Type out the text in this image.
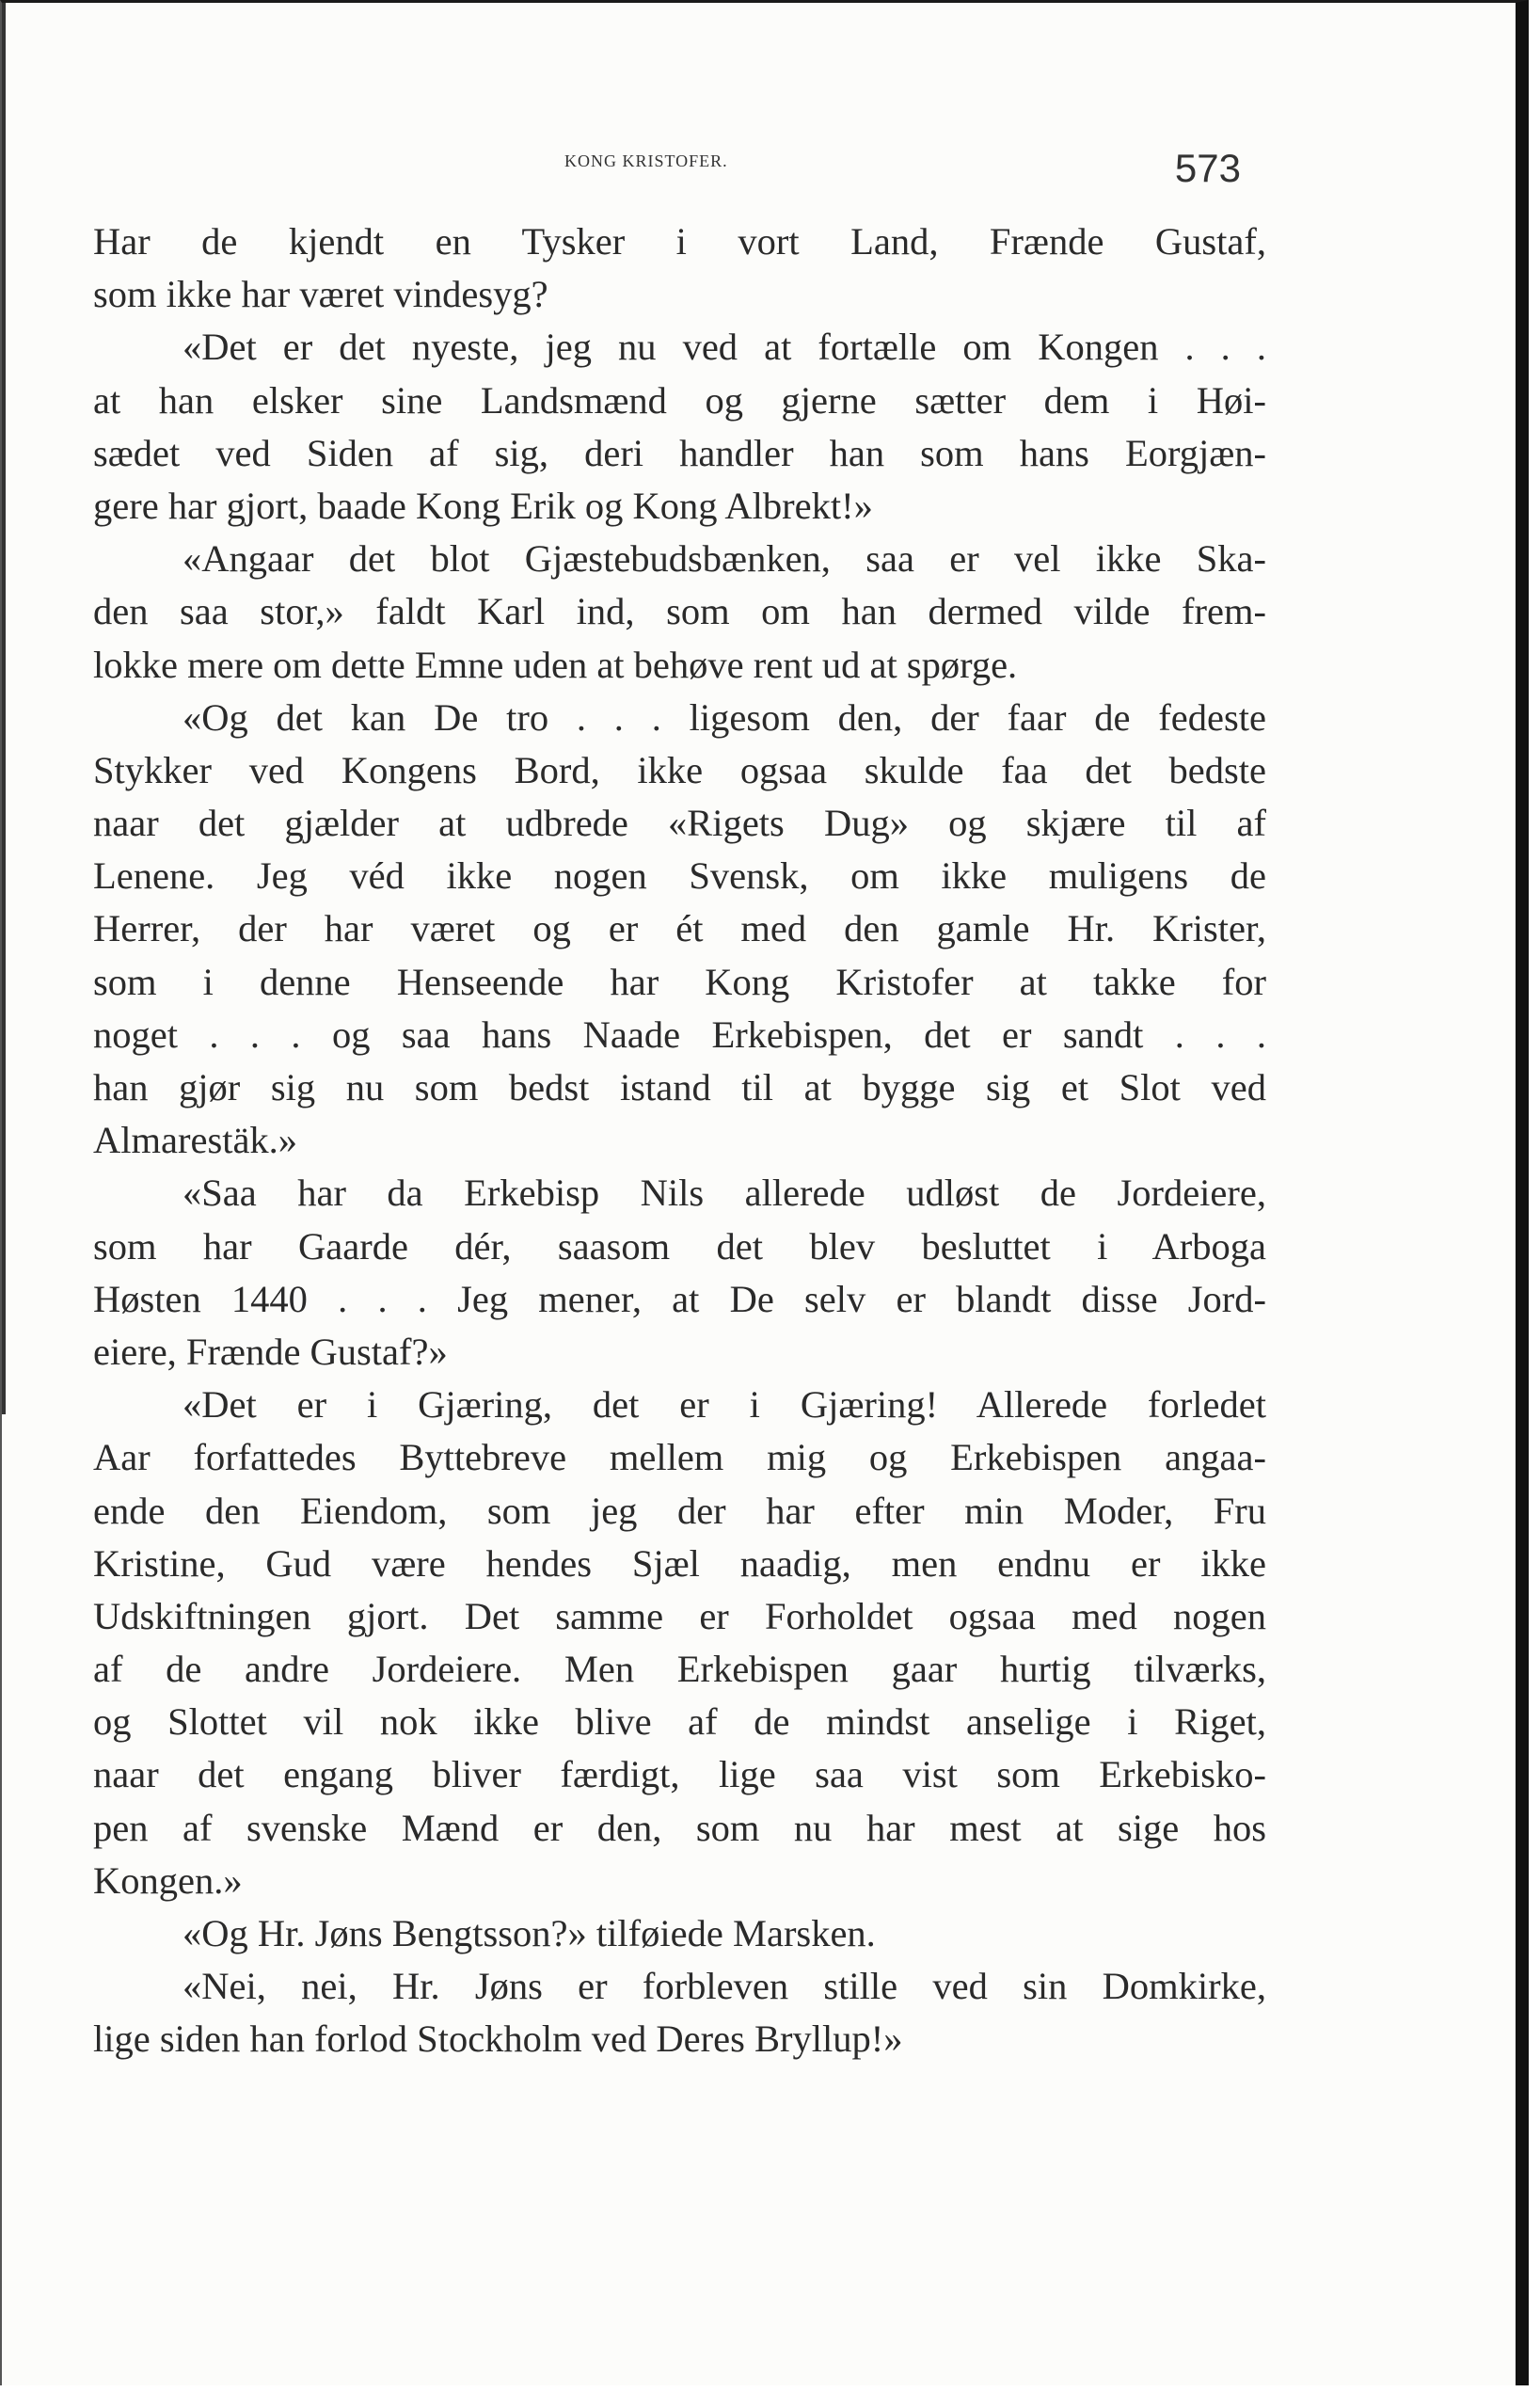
KONG KRISTOFER.	573
Har de kjendt en Tysker i vort Land, Frænde Gustaf,
som ikke har været vindesyg?
«Det er det nyeste, jeg nu ved at fortælle om Kongen . . .
at han elsker sine Landsmænd og gjerne sætter dem i Høi-
sædet ved Siden af sig, deri handler han som hans Eorgjæn-
gere har gjort, baade Kong Erik og Kong Albrekt!»
«Angaar det blot Gjæstebudsbænken, saa er vel ikke Ska-
den saa stor,» faldt Karl ind, som om han dermed vilde frem-
lokke mere om dette Emne uden at behøve rent ud at spørge.
«Og det kan De tro . . . ligesom den, der faar de fedeste
Stykker ved Kongens Bord, ikke ogsaa skulde faa det bedste
naar det gjælder at udbrede «Rigets Dug» og skjære til af
Lenene. Jeg véd ikke nogen Svensk, om ikke muligens de
Herrer, der har været og er ét med den gamle Hr. Krister,
som i denne Henseende har Kong Kristofer at takke for
noget . . . og saa hans Naade Erkebispen, det er sandt . . .
han gjør sig nu som bedst istand til at bygge sig et Slot ved
Almarestäk.»
«Saa har da Erkebisp Nils allerede udløst de Jordeiere,
som har Gaarde dér, saasom det blev besluttet i Arboga
Høsten 1440 . . . Jeg mener, at De selv er blandt disse Jord-
eiere, Frænde Gustaf?»
«Det er i Gjæring, det er i Gjæring! Allerede forledet
Aar forfattedes Byttebreve mellem mig og Erkebispen angaa-
ende den Eiendom, som jeg der har efter min Moder, Fru
Kristine, Gud være hendes Sjæl naadig, men endnu er ikke
Udskiftningen gjort. Det samme er Forholdet ogsaa med nogen
af de andre Jordeiere. Men Erkebispen gaar hurtig tilværks,
og Slottet vil nok ikke blive af de mindst anselige i Riget,
naar det engang bliver færdigt, lige saa vist som Erkebisko-
pen af svenske Mænd er den, som nu har mest at sige hos
Kongen.»
«Og Hr. Jøns Bengtsson?» tilføiede Marsken.
«Nei, nei, Hr. Jøns er forbleven stille ved sin Domkirke,
lige siden han forlod Stockholm ved Deres Bryllup!»
